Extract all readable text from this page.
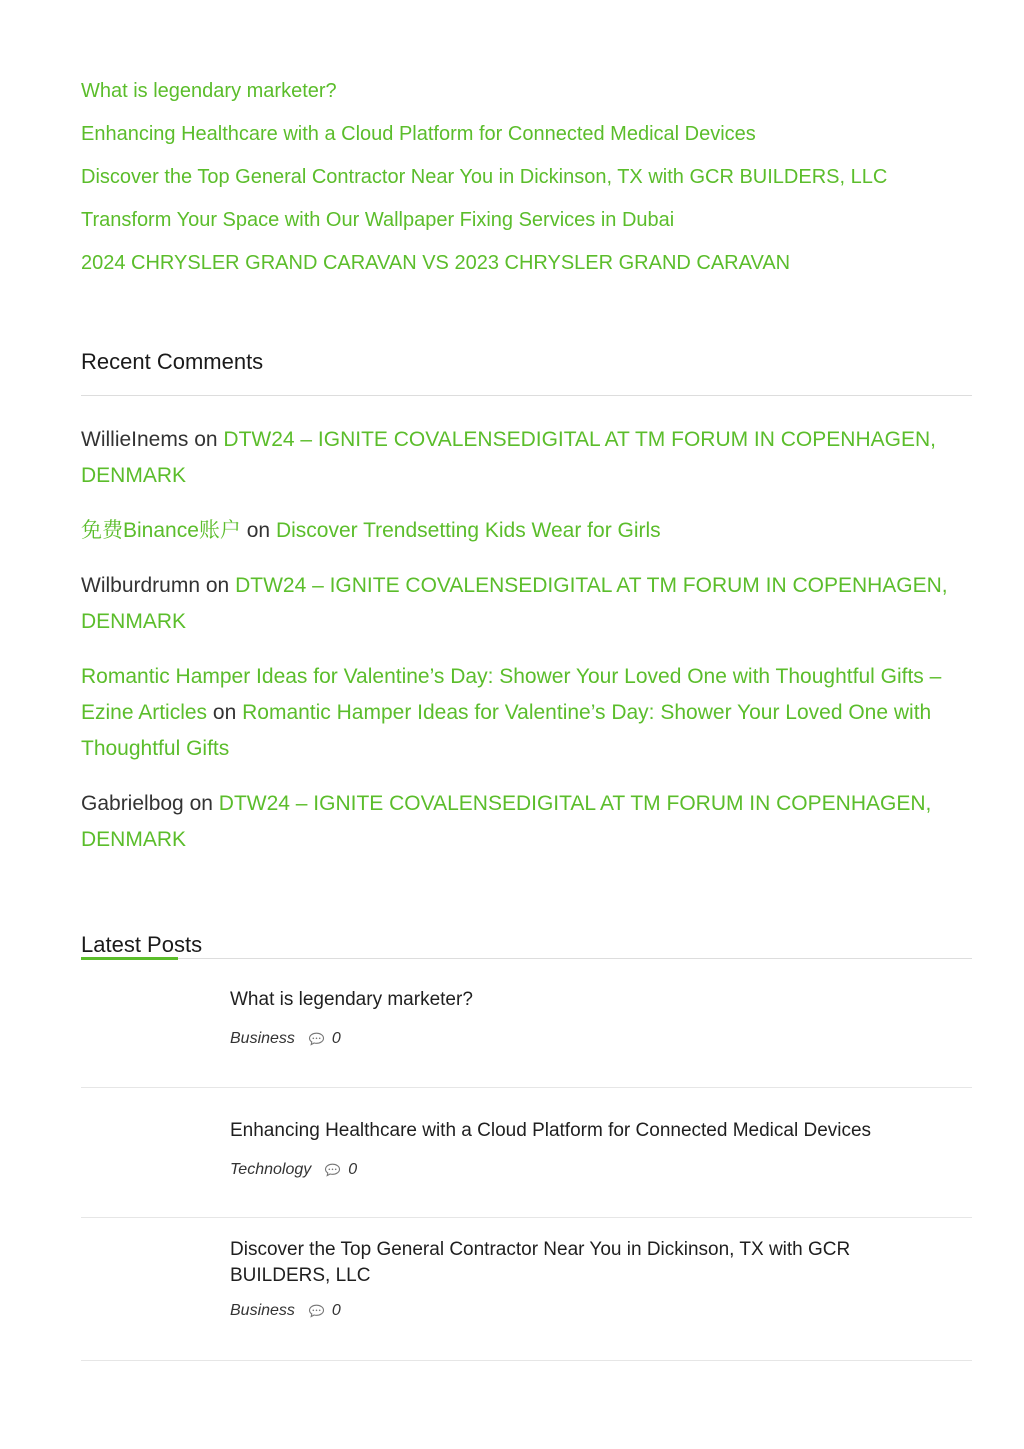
What is legendary marketer?
Enhancing Healthcare with a Cloud Platform for Connected Medical Devices
Discover the Top General Contractor Near You in Dickinson, TX with GCR BUILDERS, LLC
Transform Your Space with Our Wallpaper Fixing Services in Dubai
2024 CHRYSLER GRAND CARAVAN VS 2023 CHRYSLER GRAND CARAVAN
Recent Comments
WillieInems on DTW24 – IGNITE COVALENSEDIGITAL AT TM FORUM IN COPENHAGEN, DENMARK
免费Binance账户 on Discover Trendsetting Kids Wear for Girls
Wilburdrumn on DTW24 – IGNITE COVALENSEDIGITAL AT TM FORUM IN COPENHAGEN, DENMARK
Romantic Hamper Ideas for Valentine’s Day: Shower Your Loved One with Thoughtful Gifts – Ezine Articles on Romantic Hamper Ideas for Valentine’s Day: Shower Your Loved One with Thoughtful Gifts
Gabrielbog on DTW24 – IGNITE COVALENSEDIGITAL AT TM FORUM IN COPENHAGEN, DENMARK
Latest Posts
What is legendary marketer?
Business 0
Enhancing Healthcare with a Cloud Platform for Connected Medical Devices
Technology 0
Discover the Top General Contractor Near You in Dickinson, TX with GCR BUILDERS, LLC
Business 0
